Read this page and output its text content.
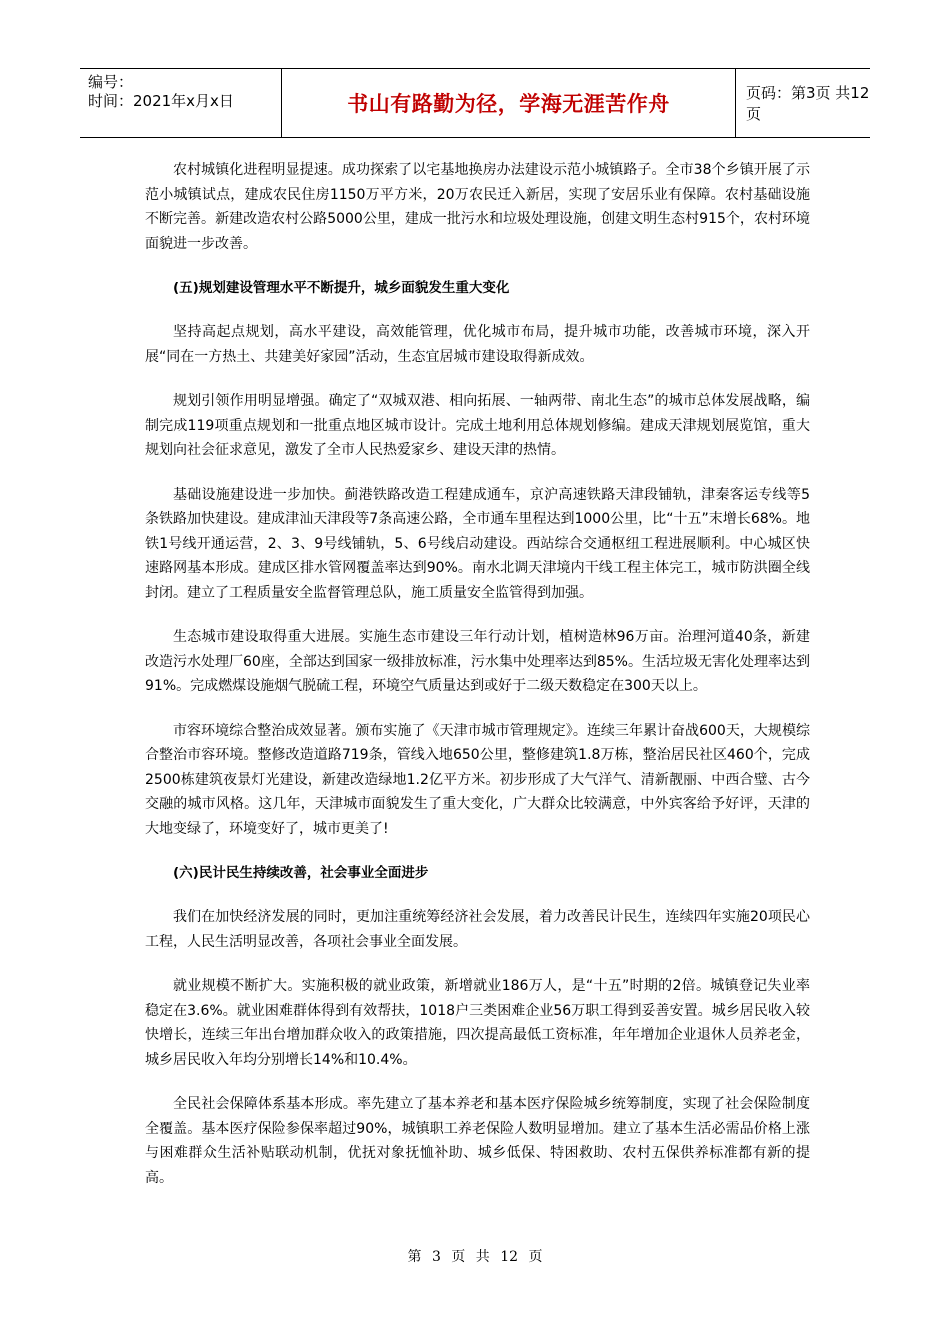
编号：
时间：2021年x月x日	书山有路勤为径，学海无涯苦作舟	页码：第3页 共12页

农村城镇化进程明显提速。成功探索了以宅基地换房办法建设示范小城镇路子。全市38个乡镇开展了示范小城镇试点，建成农民住房1150万平方米，20万农民迁入新居，实现了安居乐业有保障。农村基础设施不断完善。新建改造农村公路5000公里，建成一批污水和垃圾处理设施，创建文明生态村915个，农村环境面貌进一步改善。

(五)规划建设管理水平不断提升，城乡面貌发生重大变化

坚持高起点规划，高水平建设，高效能管理，优化城市布局，提升城市功能，改善城市环境，深入开展“同在一方热土、共建美好家园”活动，生态宜居城市建设取得新成效。

规划引领作用明显增强。确定了“双城双港、相向拓展、一轴两带、南北生态”的城市总体发展战略，编制完成119项重点规划和一批重点地区城市设计。完成土地利用总体规划修编。建成天津规划展览馆，重大规划向社会征求意见，激发了全市人民热爱家乡、建设天津的热情。

基础设施建设进一步加快。蓟港铁路改造工程建成通车，京沪高速铁路天津段铺轨，津秦客运专线等5条铁路加快建设。建成津汕天津段等7条高速公路，全市通车里程达到1000公里，比“十五”末增长68%。地铁1号线开通运营，2、3、9号线铺轨，5、6号线启动建设。西站综合交通枢纽工程进展顺利。中心城区快速路网基本形成。建成区排水管网覆盖率达到90%。南水北调天津境内干线工程主体完工，城市防洪圈全线封闭。建立了工程质量安全监督管理总队，施工质量安全监管得到加强。

生态城市建设取得重大进展。实施生态市建设三年行动计划，植树造林96万亩。治理河道40条，新建改造污水处理厂60座，全部达到国家一级排放标准，污水集中处理率达到85%。生活垃圾无害化处理率达到91%。完成燃煤设施烟气脱硫工程，环境空气质量达到或好于二级天数稳定在300天以上。

市容环境综合整治成效显著。颁布实施了《天津市城市管理规定》。连续三年累计奋战600天，大规模综合整治市容环境。整修改造道路719条，管线入地650公里，整修建筑1.8万栋，整治居民社区460个，完成2500栋建筑夜景灯光建设，新建改造绿地1.2亿平方米。初步形成了大气洋气、清新靓丽、中西合璧、古今交融的城市风格。这几年，天津城市面貌发生了重大变化，广大群众比较满意，中外宾客给予好评，天津的大地变绿了，环境变好了，城市更美了!

(六)民计民生持续改善，社会事业全面进步

我们在加快经济发展的同时，更加注重统筹经济社会发展，着力改善民计民生，连续四年实施20项民心工程，人民生活明显改善，各项社会事业全面发展。

就业规模不断扩大。实施积极的就业政策，新增就业186万人，是“十五”时期的2倍。城镇登记失业率稳定在3.6%。就业困难群体得到有效帮扶，1018户三类困难企业56万职工得到妥善安置。城乡居民收入较快增长，连续三年出台增加群众收入的政策措施，四次提高最低工资标准，年年增加企业退休人员养老金，城乡居民收入年均分别增长14%和10.4%。

全民社会保障体系基本形成。率先建立了基本养老和基本医疗保险城乡统筹制度，实现了社会保险制度全覆盖。基本医疗保险参保率超过90%，城镇职工养老保险人数明显增加。建立了基本生活必需品价格上涨与困难群众生活补贴联动机制，优抚对象抚恤补助、城乡低保、特困救助、农村五保供养标准都有新的提高。

第 3 页 共 12 页
